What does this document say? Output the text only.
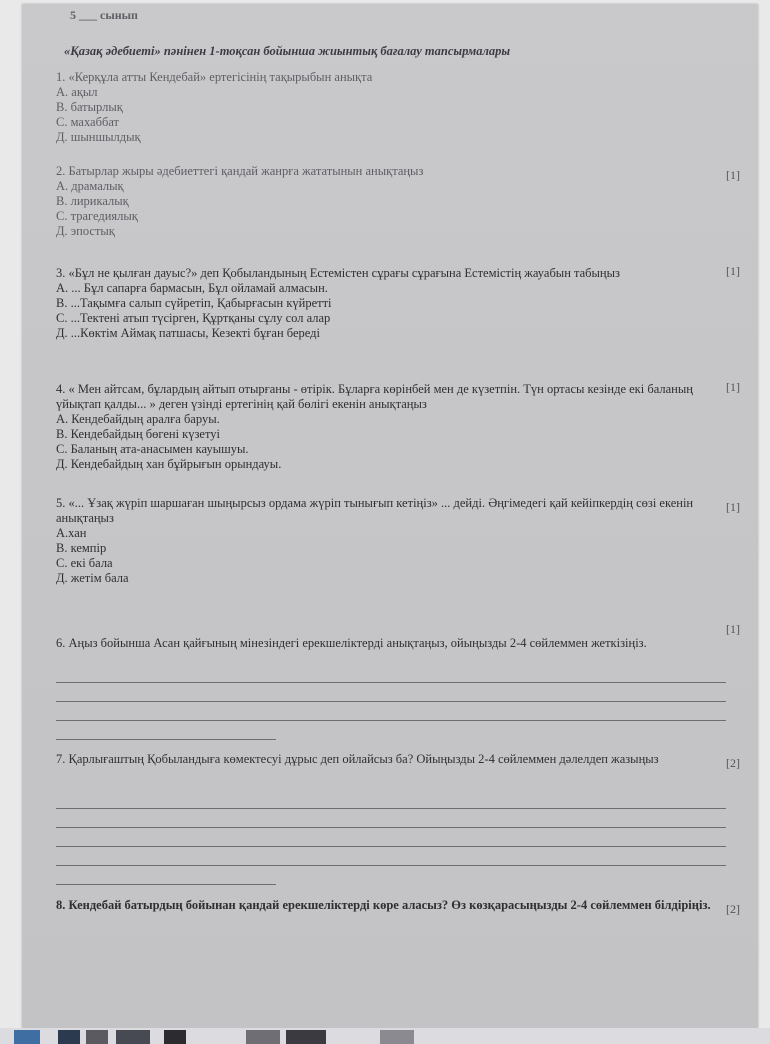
5 ___ сынып
«Қазақ әдебиеті» пәнінен 1-тоқсан бойынша жиынтық бағалау тапсырмалары
1. «Керқұла атты Кендебай» ертегісінің тақырыбын анықта
А. ақыл
В. батырлық
С. махаббат
Д. шыншылдық
2. Батырлар жыры әдебиеттегі қандай жанрға жататынын анықтаңыз
А. драмалық
В. лирикалық
С. трагедиялық
Д. эпостық
[1]
3. «Бұл не қылған дауыс?» деп Қобыландының Естемістен сұрағы сұрағына Естемістің жауабын табыңыз
А. ... Бұл сапарға бармасын, Бұл ойламай алмасын.
В. ...Тақымға салып сүйретіп, Қабырғасын күйретті
С. ...Тектені атып түсірген, Құртқаны сұлу сол алар
Д. ...Көктім Аймақ патшасы, Кезекті бұған береді
[1]
4. « Мен айтсам, бұлардың айтып отырғаны - өтірік. Бұларға көрінбей мен де күзетпін. Түн ортасы кезінде екі баланың үйықтап қалды... » деген үзінді ертегінің қай бөлігі екенін анықтаңыз
А. Кендебайдың аралға баруы.
В. Кендебайдың бөгені күзетуі
С. Баланың ата-анасымен кауышуы.
Д. Кендебайдың хан бұйрығын орындауы.
[1]
5. «... Ұзақ жүріп шаршаған шыңырсыз ордама жүріп тынығып кетіңіз» ... дейді. Әңгімедегі қай кейіпкердің сөзі екенін анықтаңыз
А.хан
В. кемпір
С. екі бала
Д. жетім бала
[1]
6. Аңыз бойынша Асан қайғының мінезіндегі ерекшеліктерді анықтаңыз, ойыңызды 2-4 сөйлеммен жеткізіңіз.
[1]
7. Қарлығаштың Қобыландыға көмектесуі дұрыс деп ойлайсыз ба? Ойыңызды 2-4 сөйлеммен дәлелдеп жазыңыз	[2]
8. Кендебай батырдың бойынан қандай ерекшеліктерді көре аласыз? Өз көзқарасыңызды 2-4 сөйлеммен білдіріңіз.	[2]
